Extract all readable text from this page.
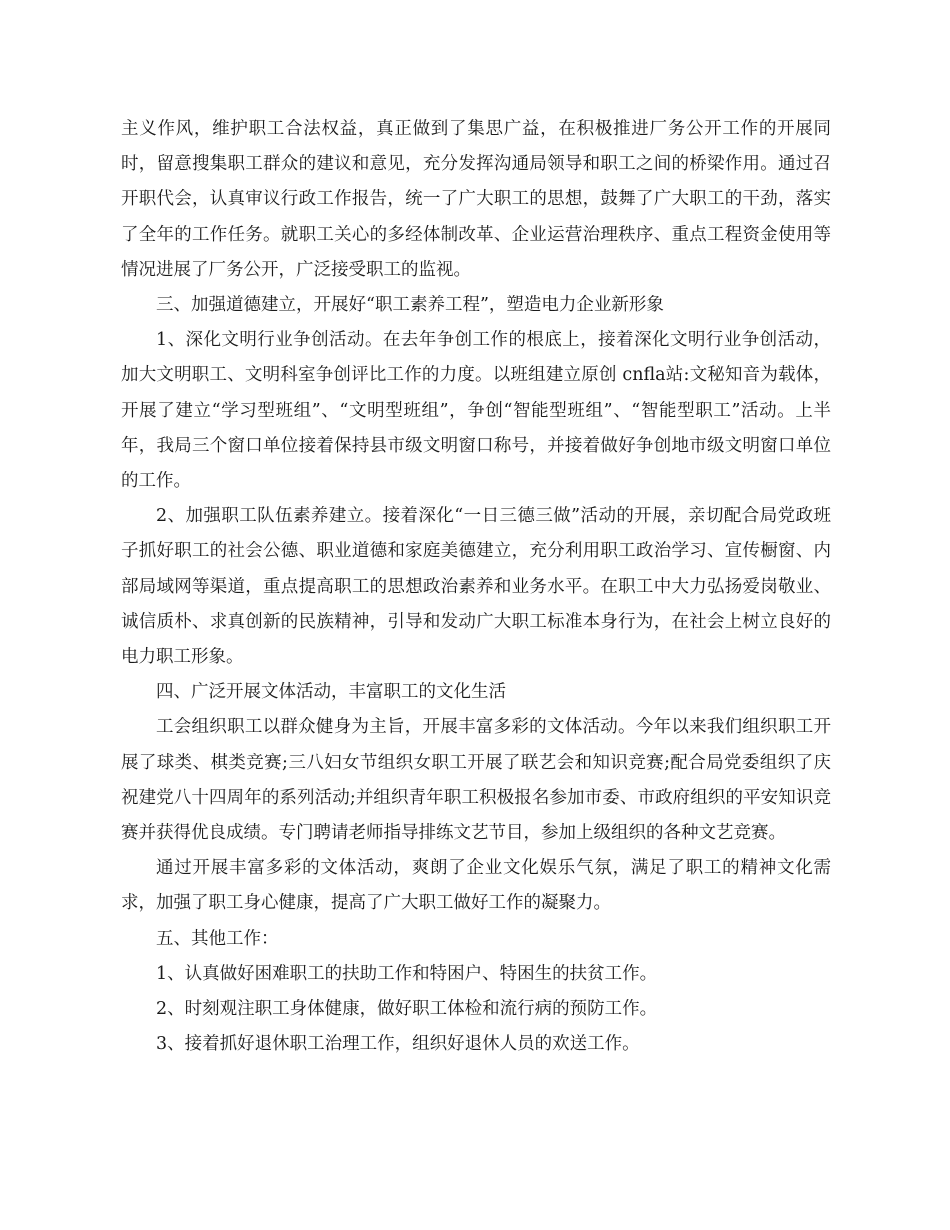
主义作风，维护职工合法权益，真正做到了集思广益，在积极推进厂务公开工作的开展同时，留意搜集职工群众的建议和意见，充分发挥沟通局领导和职工之间的桥梁作用。通过召开职代会，认真审议行政工作报告，统一了广大职工的思想，鼓舞了广大职工的干劲，落实了全年的工作任务。就职工关心的多经体制改革、企业运营治理秩序、重点工程资金使用等情况进展了厂务公开，广泛接受职工的监视。

三、加强道德建立，开展好“职工素养工程”，塑造电力企业新形象

1、深化文明行业争创活动。在去年争创工作的根底上，接着深化文明行业争创活动，加大文明职工、文明科室争创评比工作的力度。以班组建立原创 cnfla站:文秘知音为载体，开展了建立“学习型班组”、“文明型班组”，争创“智能型班组”、“智能型职工”活动。上半年，我局三个窗口单位接着保持县市级文明窗口称号，并接着做好争创地市级文明窗口单位的工作。

2、加强职工队伍素养建立。接着深化“一日三德三做”活动的开展，亲切配合局党政班子抓好职工的社会公德、职业道德和家庭美德建立，充分利用职工政治学习、宣传橱窗、内部局域网等渠道，重点提高职工的思想政治素养和业务水平。在职工中大力弘扬爱岗敬业、诚信质朴、求真创新的民族精神，引导和发动广大职工标准本身行为，在社会上树立良好的电力职工形象。

四、广泛开展文体活动，丰富职工的文化生活

工会组织职工以群众健身为主旨，开展丰富多彩的文体活动。今年以来我们组织职工开展了球类、棋类竞赛;三八妇女节组织女职工开展了联艺会和知识竞赛;配合局党委组织了庆祝建党八十四周年的系列活动;并组织青年职工积极报名参加市委、市政府组织的平安知识竞赛并获得优良成绩。专门聘请老师指导排练文艺节目，参加上级组织的各种文艺竞赛。

通过开展丰富多彩的文体活动，爽朗了企业文化娱乐气氛，满足了职工的精神文化需求，加强了职工身心健康，提高了广大职工做好工作的凝聚力。

五、其他工作：

1、认真做好困难职工的扶助工作和特困户、特困生的扶贫工作。

2、时刻观注职工身体健康，做好职工体检和流行病的预防工作。

3、接着抓好退休职工治理工作，组织好退休人员的欢送工作。
